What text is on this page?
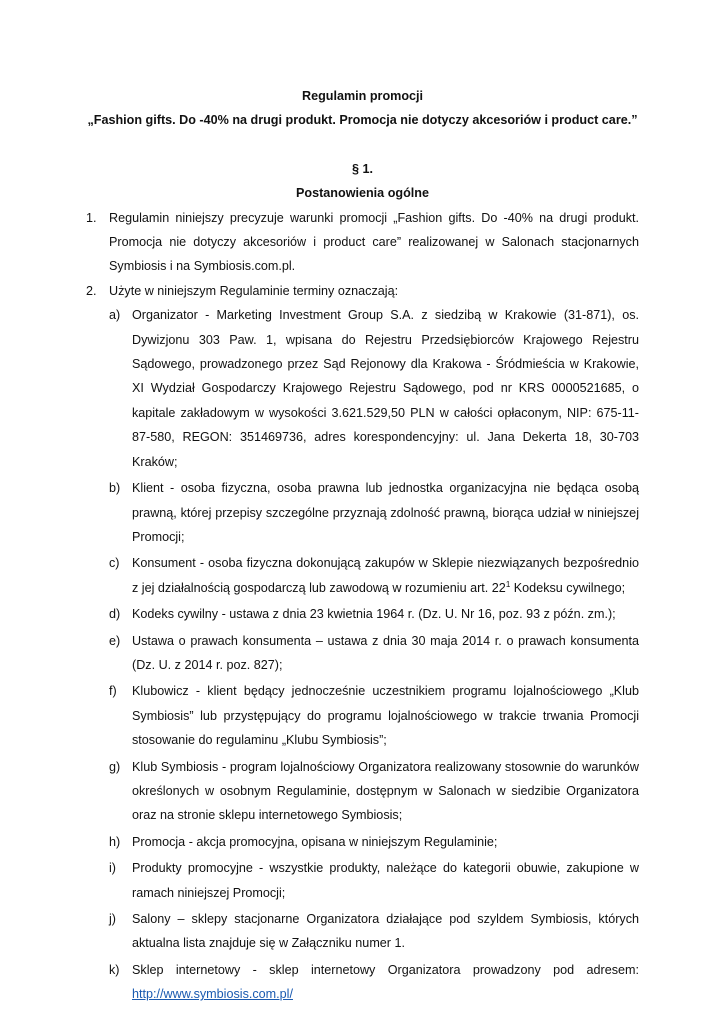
Regulamin promocji
„Fashion gifts. Do -40% na drugi produkt. Promocja nie dotyczy akcesoriów i product care.”
§ 1.
Postanowienia ogólne
1. Regulamin niniejszy precyzuje warunki promocji „Fashion gifts. Do -40% na drugi produkt. Promocja nie dotyczy akcesoriów i product care” realizowanej w Salonach stacjonarnych Symbiosis i na Symbiosis.com.pl.
2. Użyte w niniejszym Regulaminie terminy oznaczają:
a) Organizator - Marketing Investment Group S.A. z siedzibą w Krakowie (31-871), os. Dywizjonu 303 Paw. 1, wpisana do Rejestru Przedsiębiorców Krajowego Rejestru Sądowego, prowadzonego przez Sąd Rejonowy dla Krakowa - Śródmieścia w Krakowie, XI Wydział Gospodarczy Krajowego Rejestru Sądowego, pod nr KRS 0000521685, o kapitale zakładowym w wysokości 3.621.529,50 PLN w całości opłaconym, NIP: 675-11-87-580, REGON: 351469736, adres korespondencyjny: ul. Jana Dekerta 18, 30-703 Kraków;
b) Klient - osoba fizyczna, osoba prawna lub jednostka organizacyjna nie będąca osobą prawną, której przepisy szczególne przyznają zdolność prawną, biorąca udział w niniejszej Promocji;
c) Konsument - osoba fizyczna dokonującą zakupów w Sklepie niezwiązanych bezpośrednio z jej działalnością gospodarczą lub zawodową w rozumieniu art. $22^1$ Kodeksu cywilnego;
d) Kodeks cywilny - ustawa z dnia 23 kwietnia 1964 r. (Dz. U. Nr 16, poz. 93 z późn. zm.);
e) Ustawa o prawach konsumenta – ustawa z dnia 30 maja 2014 r. o prawach konsumenta (Dz. U. z 2014 r. poz. 827);
f) Klubowicz - klient będący jednocześnie uczestnikiem programu lojalnościowego „Klub Symbiosis” lub przystępujący do programu lojalnościowego w trakcie trwania Promocji stosowanie do regulaminu „Klubu Symbiosis”;
g) Klub Symbiosis - program lojalnościowy Organizatora realizowany stosownie do warunków określonych w osobnym Regulaminie, dostępnym w Salonach w siedzibie Organizatora oraz na stronie sklepu internetowego Symbiosis;
h) Promocja - akcja promocyjna, opisana w niniejszym Regulaminie;
i) Produkty promocyjne - wszystkie produkty, należące do kategorii obuwie, zakupione w ramach niniejszej Promocji;
j) Salony – sklepy stacjonarne Organizatora działające pod szyldem Symbiosis, których aktualna lista znajduje się w Załączniku numer 1.
k) Sklep internetowy - sklep internetowy Organizatora prowadzony pod adresem: http://www.symbiosis.com.pl/
